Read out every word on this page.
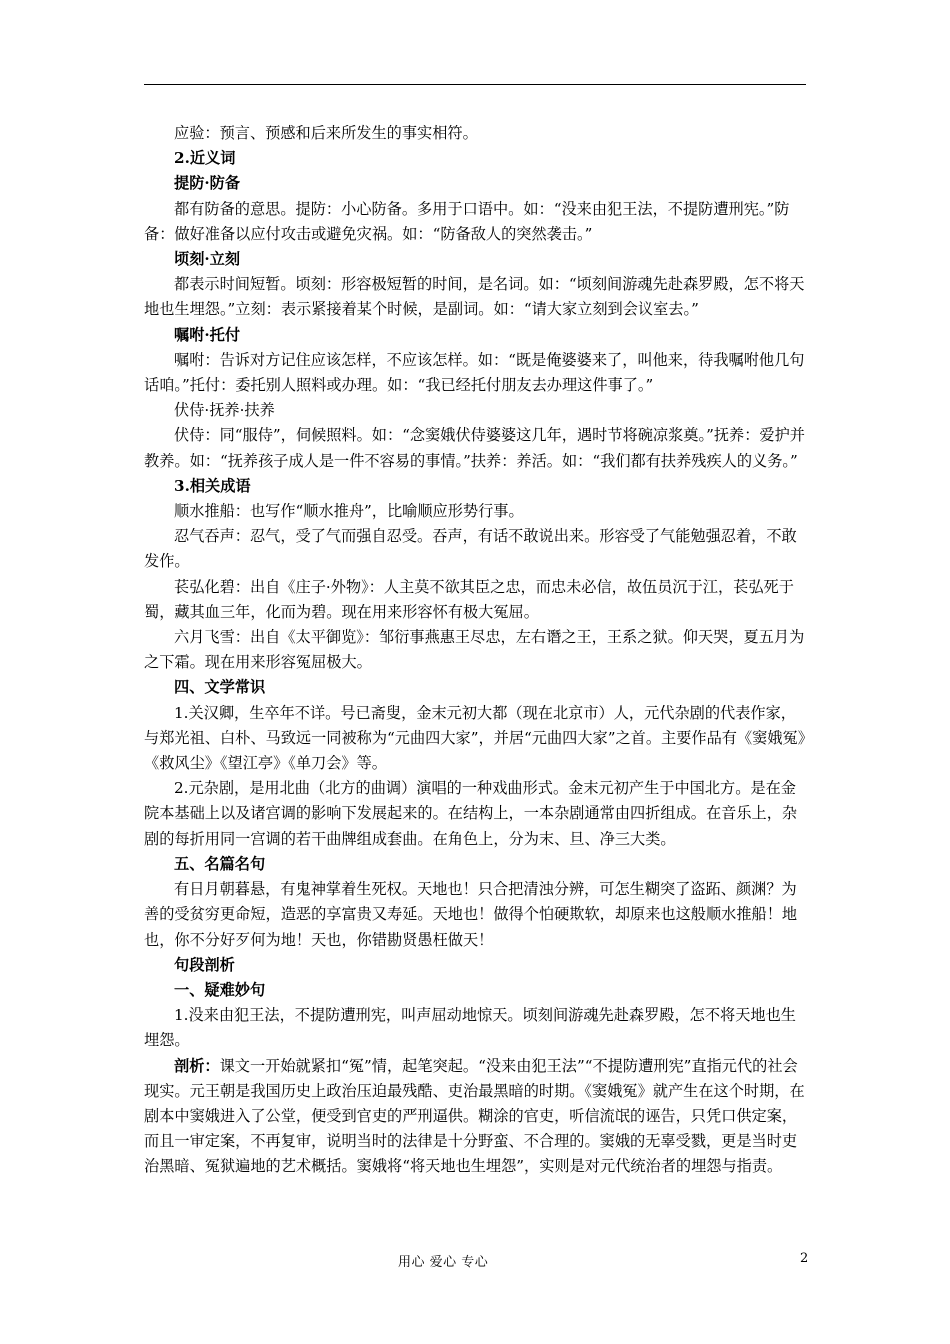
应验：预言、预感和后来所发生的事实相符。

2.近义词

提防·防备

都有防备的意思。提防：小心防备。多用于口语中。如：“没来由犯王法，不提防遭刑宪。”防备：做好准备以应付攻击或避免灾祸。如：“防备敌人的突然袭击。”

顷刻·立刻

都表示时间短暂。顷刻：形容极短暂的时间，是名词。如：“顷刻间游魂先赴森罗殿，怎不将天地也生埋怨。”立刻：表示紧接着某个时候，是副词。如：“请大家立刻到会议室去。”

嘱咐·托付

嘱咐：告诉对方记住应该怎样，不应该怎样。如：“既是俺婆婆来了，叫他来，待我嘱咐他几句话咱。”托付：委托别人照料或办理。如：“我已经托付朋友去办理这件事了。”

伏侍·抚养·扶养

伏侍：同“服侍”，伺候照料。如：“念窦娥伏侍婆婆这几年，遇时节将碗凉浆奠。”抚养：爱护并教养。如：“抚养孩子成人是一件不容易的事情。”扶养：养活。如：“我们都有扶养残疾人的义务。”

3.相关成语

顺水推船：也写作“顺水推舟”，比喻顺应形势行事。

忍气吞声：忍气，受了气而强自忍受。吞声，有话不敢说出来。形容受了气能勉强忍着，不敢发作。

苌弘化碧：出自《庄子·外物》：人主莫不欲其臣之忠，而忠未必信，故伍员沉于江，苌弘死于蜀，藏其血三年，化而为碧。现在用来形容怀有极大冤屈。

六月飞雪：出自《太平御览》：邹衍事燕惠王尽忠，左右谮之王，王系之狱。仰天哭，夏五月为之下霜。现在用来形容冤屈极大。

四、文学常识

1.关汉卿，生卒年不详。号已斋叟，金末元初大都（现在北京市）人，元代杂剧的代表作家，与郑光祖、白朴、马致远一同被称为“元曲四大家”，并居“元曲四大家”之首。主要作品有《窦娥冤》《救风尘》《望江亭》《单刀会》等。

2.元杂剧，是用北曲（北方的曲调）演唱的一种戏曲形式。金末元初产生于中国北方。是在金院本基础上以及诸宫调的影响下发展起来的。在结构上，一本杂剧通常由四折组成。在音乐上，杂剧的每折用同一宫调的若干曲牌组成套曲。在角色上，分为末、旦、净三大类。

五、名篇名句

有日月朝暮悬，有鬼神掌着生死权。天地也！只合把清浊分辨，可怎生糊突了盗跖、颜渊？为善的受贫穷更命短，造恶的享富贵又寿延。天地也！做得个怕硬欺软，却原来也这般顺水推船！地也，你不分好歹何为地！天也，你错勘贤愚枉做天！

句段剖析

一、疑难妙句

1.没来由犯王法，不提防遭刑宪，叫声屈动地惊天。顷刻间游魂先赴森罗殿，怎不将天地也生埋怨。

剖析：课文一开始就紧扣“冤”情，起笔突起。“没来由犯王法”“不提防遭刑宪”直指元代的社会现实。元王朝是我国历史上政治压迫最残酷、吏治最黑暗的时期。《窦娥冤》就产生在这个时期，在剧本中窦娥进入了公堂，便受到官吏的严刑逼供。糊涂的官吏，听信流氓的诬告，只凭口供定案，而且一审定案，不再复审，说明当时的法律是十分野蛮、不合理的。窦娥的无辜受戮，更是当时吏治黑暗、冤狱遍地的艺术概括。窦娥将“将天地也生埋怨”，实则是对元代统治者的埋怨与指责。

用心 爱心 专心	2
